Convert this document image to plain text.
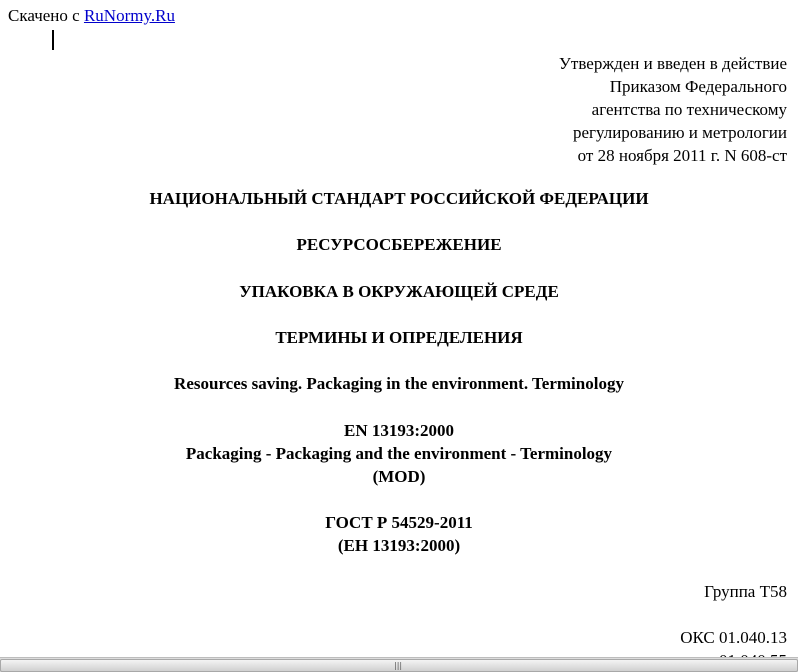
Скачено с RuNormy.Ru
Утвержден и введен в действие
Приказом Федерального
агентства по техническому
регулированию и метрологии
от 28 ноября 2011 г. N 608-ст
НАЦИОНАЛЬНЫЙ СТАНДАРТ РОССИЙСКОЙ ФЕДЕРАЦИИ
РЕСУРСОСБЕРЕЖЕНИЕ
УПАКОВКА В ОКРУЖАЮЩЕЙ СРЕДЕ
ТЕРМИНЫ И ОПРЕДЕЛЕНИЯ
Resources saving. Packaging in the environment. Terminology
EN 13193:2000
Packaging - Packaging and the environment - Terminology
(MOD)
ГОСТ Р 54529-2011
(ЕН 13193:2000)
Группа Т58
ОКС 01.040.13
|||
